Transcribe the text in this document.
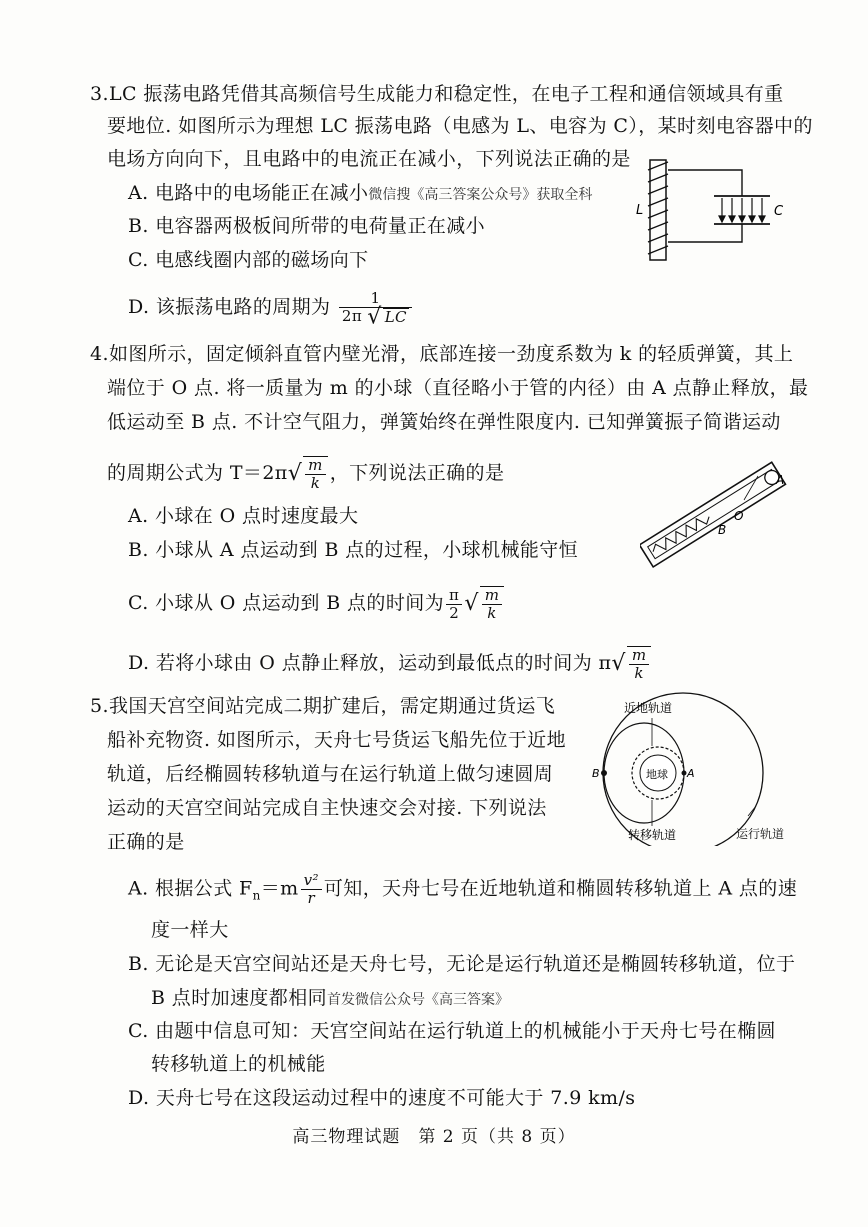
3.LC 振荡电路凭借其高频信号生成能力和稳定性，在电子工程和通信领域具有重
要地位. 如图所示为理想 LC 振荡电路（电感为 L、电容为 C），某时刻电容器中的
电场方向向下，且电路中的电流正在减小，下列说法正确的是
A. 电路中的电场能正在减小微信搜《高三答案公众号》获取全科
B. 电容器两极板间所带的电荷量正在减小
C. 电感线圈内部的磁场向下
D. 该振荡电路的周期为 $\frac{1}{2\pi √ LC}$
L	C
4.如图所示，固定倾斜直管内壁光滑，底部连接一劲度系数为 k 的轻质弹簧，其上
端位于 O 点. 将一质量为 m 的小球（直径略小于管的内径）由 A 点静止释放，最
低运动至 B 点. 不计空气阻力，弹簧始终在弹性限度内. 已知弹簧振子简谐运动
的周期公式为 $T=2\pi√ \frac{m}{k}$ ，下列说法正确的是
A. 小球在 O 点时速度最大
B. 小球从 A 点运动到 B 点的过程，小球机械能守恒
C. 小球从 O 点运动到 B 点的时间为 $\frac{\pi}{2}$ √ $\frac{m}{k}$
D. 若将小球由 O 点静止释放，运动到最低点的时间为 $\pi√ \frac{m}{k}$
A
O
B
5.我国天宫空间站完成二期扩建后，需定期通过货运飞
船补充物资. 如图所示，天舟七号货运飞船先位于近地
轨道，后经椭圆转移轨道与在运行轨道上做匀速圆周
运动的天宫空间站完成自主快速交会对接. 下列说法
正确的是
A. 根据公式 $F_n=m \frac{\text{v²}}{r}$ 可知，天舟七号在近地轨道和椭圆转移轨道上 A 点的速
度一样大
B. 无论是天宫空间站还是天舟七号，无论是运行轨道还是椭圆转移轨道，位于
B 点时加速度都相同首发微信公众号《高三答案》
C. 由题中信息可知：天宫空间站在运行轨道上的机械能小于天舟七号在椭圆
转移轨道上的机械能
D. 天舟七号在这段运动过程中的速度不可能大于 7.9 km/s
近地轨道
地球 A
B
转移轨道	运行轨道
高三物理试题　第 2 页（共 8 页）
